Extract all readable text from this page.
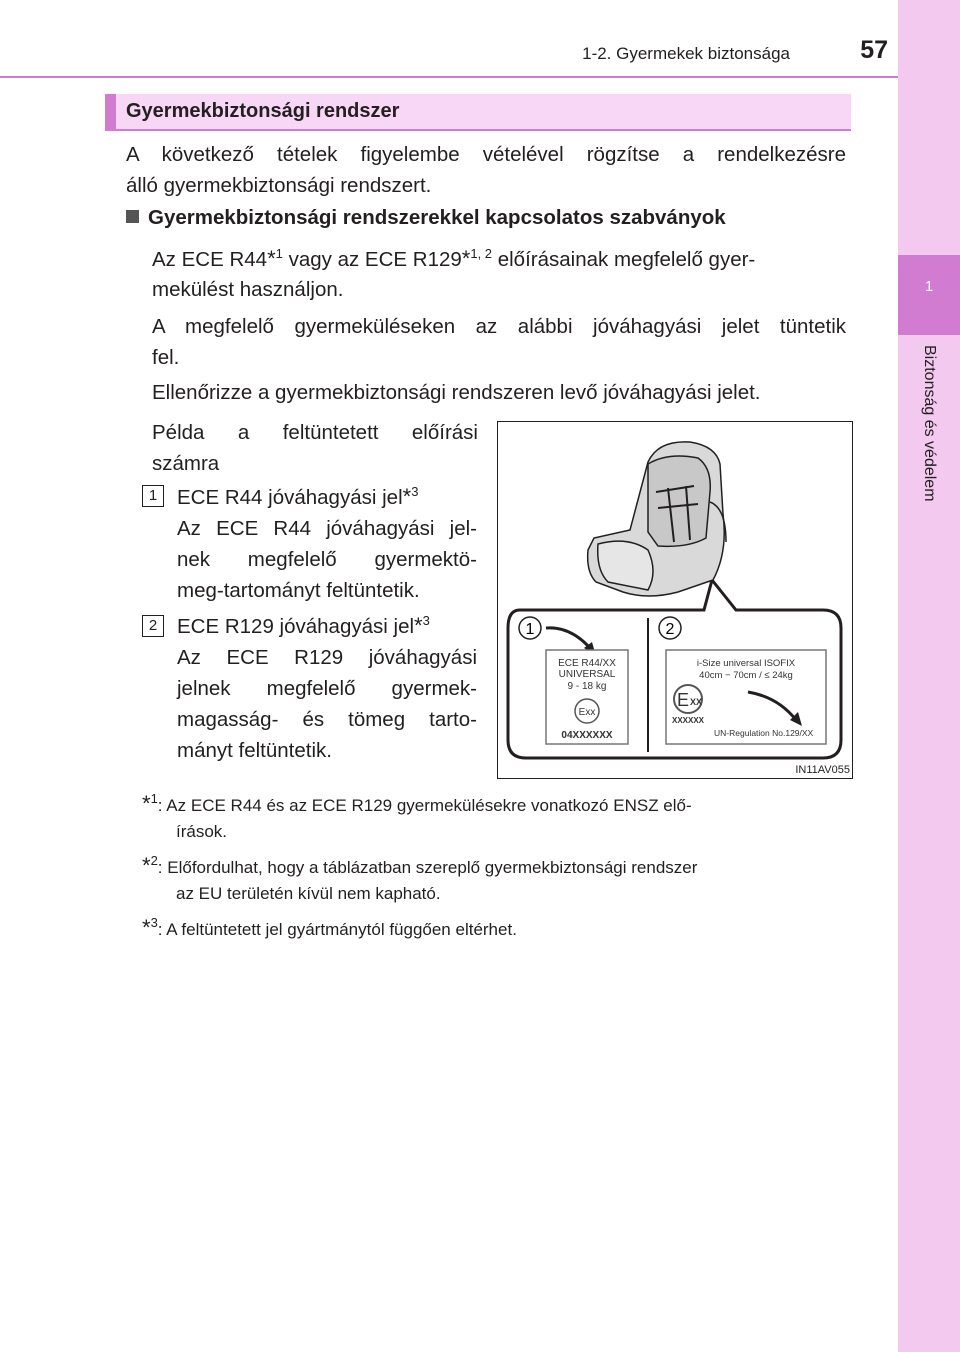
1-2. Gyermekek biztonsága	57
1
Biztonság és védelem
Gyermekbiztonsági rendszer
A következő tételek figyelembe vételével rögzítse a rendelkezésre
álló gyermekbiztonsági rendszert.
Gyermekbiztonsági rendszerekkel kapcsolatos szabványok
Az ECE R44*$^1$ vagy az ECE R129*$^{1, 2}$ előírásainak megfelelő gyer-
mekülést használjon.
A megfelelő gyermeküléseken az alábbi jóváhagyási jelet tüntetik
fel.
Ellenőrizze a gyermekbiztonsági rendszeren levő jóváhagyási jelet.
Példa a feltüntetett előírási
számra
1 ECE R44 jóváhagyási jel*$^3$
Az ECE R44 jóváhagyási jel-
nek megfelelő gyermektö-
meg-tartományt feltüntetik.
2 ECE R129 jóváhagyási jel*$^3$
Az ECE R129 jóváhagyási
jelnek megfelelő gyermek-
magasság- és tömeg tarto-
mányt feltüntetik.
1	2
ECE R44/XX
UNIVERSAL
9 - 18 kg
Exx
04XXXXXX
i-Size universal ISOFIX
40cm − 70cm / ≤ 24kg
E XX
XXXXXX
UN-Regulation No.129/XX
IN11AV055
*$^1$: Az ECE R44 és az ECE R129 gyermekülésekre vonatkozó ENSZ elő-
írások.
*$^2$: Előfordulhat, hogy a táblázatban szereplő gyermekbiztonsági rendszer
az EU területén kívül nem kapható.
*$^3$: A feltüntetett jel gyártmánytól függően eltérhet.
